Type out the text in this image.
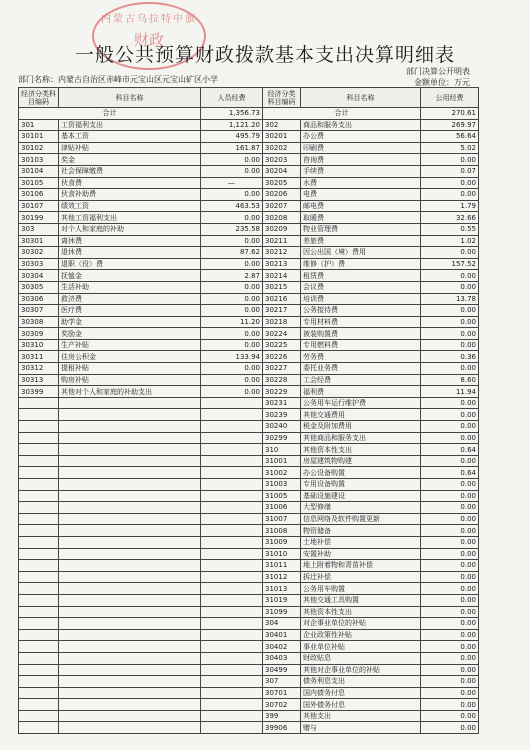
内蒙古乌拉特中旗
财政
一般公共预算财政拨款基本支出决算明细表
部门决算公开明表
金额单位：万元
部门名称：内蒙古自治区赤峰市元宝山区元宝山矿区小学
经济分类科目编码	科目名称	人员经费	经济分类科目编码	科目名称	公用经费
合计		1,356.73	合计		270.61
301	工资福利支出	1,121.20	302	商品和服务支出	269.97
30101	基本工资	495.79	30201	办公费	56.64
30102	津贴补贴	161.87	30202	印刷费	5.02
30103	奖金	0.00	30203	咨询费	0.00
30104	社会保障缴费	0.00	30204	手续费	0.07
30105	伙食费	—	30205	水费	0.00
30106	伙食补助费	0.00	30206	电费	0.00
30107	绩效工资	463.53	30207	邮电费	1.79
30199	其他工资福利支出	0.00	30208	取暖费	32.66
303	对个人和家庭的补助	235.58	30209	物业管理费	0.55
30301	离休费	0.00	30211	差旅费	1.02
30302	退休费	87.62	30212	因公出国（境）费用	0.00
30303	退职（役）费	0.00	30213	维修（护）费	157.52
30304	抚恤金	2.87	30214	租赁费	0.00
30305	生活补助	0.00	30215	会议费	0.00
30306	救济费	0.00	30216	培训费	13.78
30307	医疗费	0.00	30217	公务接待费	0.00
30308	助学金	11.20	30218	专用材料费	0.00
30309	奖励金	0.00	30224	被装购置费	0.00
30310	生产补贴	0.00	30225	专用燃料费	0.00
30311	住房公积金	133.94	30226	劳务费	0.36
30312	提租补贴	0.00	30227	委托业务费	0.00
30313	购房补贴	0.00	30228	工会经费	8.60
30399	其他对个人和家庭的补助支出	0.00	30229	福利费	11.94
			30231	公务用车运行维护费	0.00
			30239	其他交通费用	0.00
			30240	税金及附加费用	0.00
			30299	其他商品和服务支出	0.00
			310	其他资本性支出	0.64
			31001	房屋建筑物购建	0.00
			31002	办公设备购置	0.64
			31003	专用设备购置	0.00
			31005	基础设施建设	0.00
			31006	大型修缮	0.00
			31007	信息网络及软件购置更新	0.00
			31008	物资储备	0.00
			31009	土地补偿	0.00
			31010	安置补助	0.00
			31011	地上附着物和青苗补偿	0.00
			31012	拆迁补偿	0.00
			31013	公务用车购置	0.00
			31019	其他交通工具购置	0.00
			31099	其他资本性支出	0.00
			304	对企事业单位的补贴	0.00
			30401	企业政策性补贴	0.00
			30402	事业单位补贴	0.00
			30403	财政贴息	0.00
			30499	其他对企事业单位的补贴	0.00
			307	债务利息支出	0.00
			30701	国内债务付息	0.00
			30702	国外债务付息	0.00
			399	其他支出	0.00
			39906	赠与	0.00
